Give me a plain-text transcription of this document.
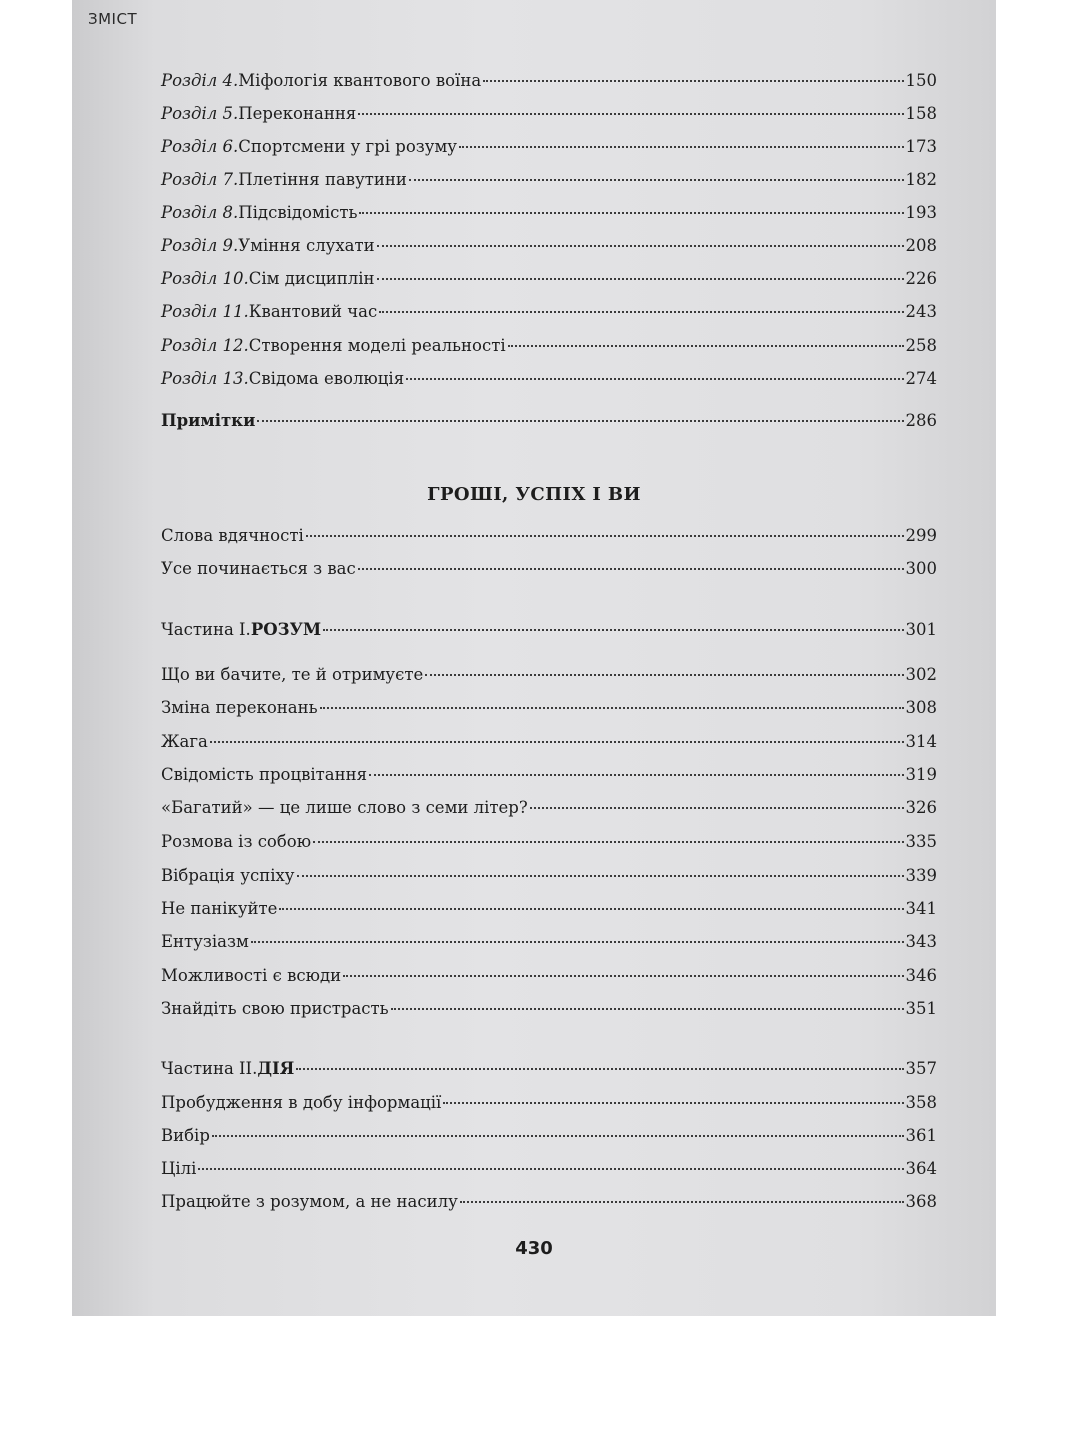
ЗМІСТ
Розділ 4. Міфологія квантового воїна	150
Розділ 5. Переконання	158
Розділ 6. Спортсмени у грі розуму	173
Розділ 7. Плетіння павутини	182
Розділ 8. Підсвідомість	193
Розділ 9. Уміння слухати	208
Розділ 10. Сім дисциплін	226
Розділ 11. Квантовий час	243
Розділ 12. Створення моделі реальності	258
Розділ 13. Свідома еволюція	274
Примітки	286
ГРОШІ, УСПІХ І ВИ
Слова вдячності	299
Усе починається з вас	300
Частина I. РОЗУМ	301
Що ви бачите, те й отримуєте	302
Зміна переконань	308
Жага	314
Свідомість процвітання	319
«Багатий» — це лише слово з семи літер?	326
Розмова із собою	335
Вібрація успіху	339
Не панікуйте	341
Ентузіазм	343
Можливості є всюди	346
Знайдіть свою пристрасть	351
Частина II. ДІЯ	357
Пробудження в добу інформації	358
Вибір	361
Цілі	364
Працюйте з розумом, а не насилу	368
430
